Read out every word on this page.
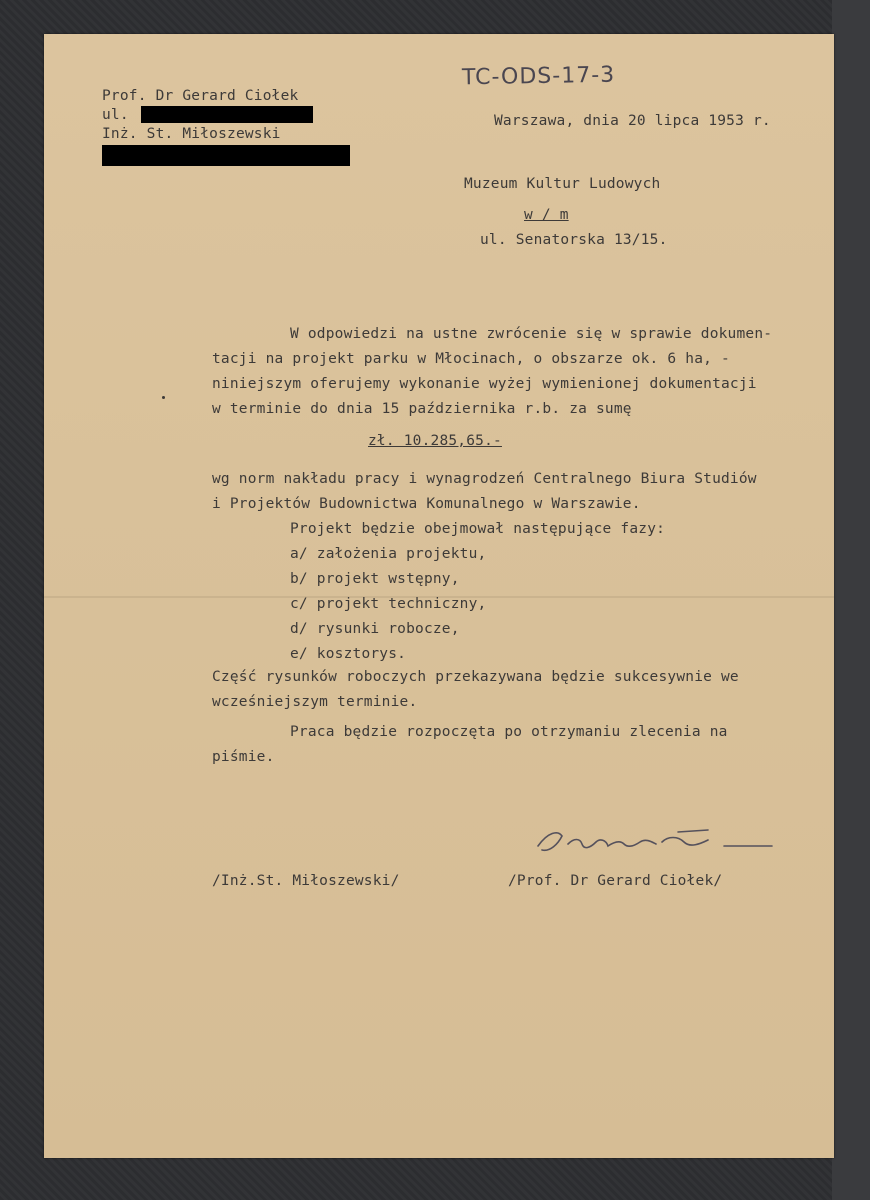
TC-ODS-17-3
Prof. Dr Gerard Ciołek
ul.
Inż. St. Miłoszewski
Warszawa, dnia 20 lipca 1953 r.
Muzeum Kultur Ludowych
w / m
ul. Senatorska 13/15.
W odpowiedzi na ustne zwrócenie się w sprawie dokumen-
tacji na projekt parku w Młocinach, o obszarze ok. 6 ha, -
niniejszym oferujemy wykonanie wyżej wymienionej dokumentacji
w terminie do dnia 15 października r.b. za sumę
zł. 10.285,65.-
wg norm nakładu pracy i wynagrodzeń Centralnego Biura Studiów
i Projektów Budownictwa Komunalnego w Warszawie.
Projekt będzie obejmował następujące fazy:
a/ założenia projektu,
b/ projekt wstępny,
c/ projekt techniczny,
d/ rysunki robocze,
e/ kosztorys.
Część rysunków roboczych przekazywana będzie sukcesywnie we
wcześniejszym terminie.
Praca będzie rozpoczęta po otrzymaniu zlecenia na
piśmie.
/Inż.St. Miłoszewski/	/Prof. Dr Gerard Ciołek/
